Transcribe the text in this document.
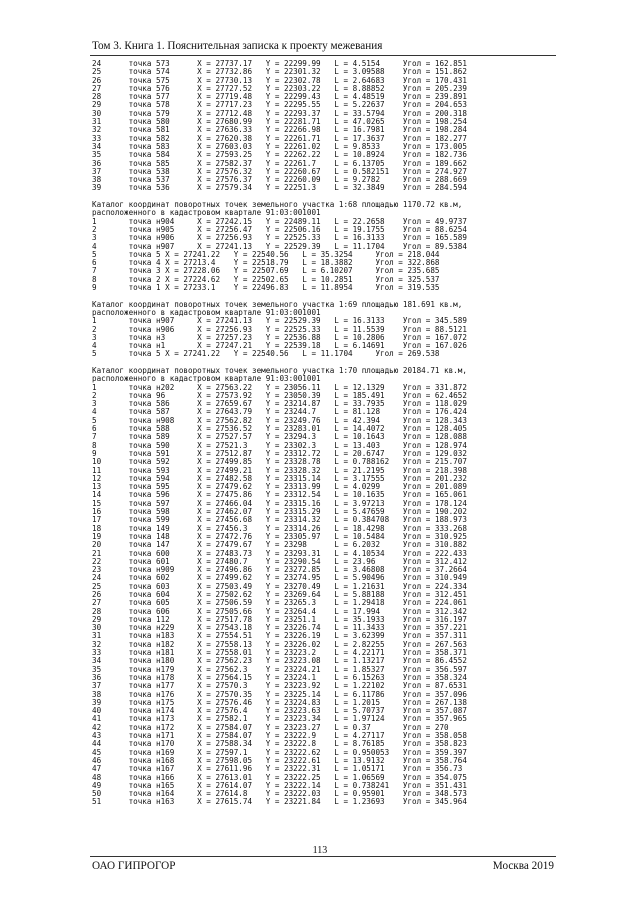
Том 3. Книга 1. Пояснительная записка к проекту межевания
24      точка 573      X = 27737.17   Y = 22299.99   L = 4.5154     Угол = 162.851
25      точка 574      X = 27732.86   Y = 22301.32   L = 3.09588    Угол = 151.862
26      точка 575      X = 27730.13   Y = 22302.78   L = 2.64683    Угол = 170.431
27      точка 576      X = 27727.52   Y = 22303.22   L = 8.88852    Угол = 205.239
28      точка 577      X = 27719.48   Y = 22299.43   L = 4.48519    Угол = 239.891
29      точка 578      X = 27717.23   Y = 22295.55   L = 5.22637    Угол = 204.653
30      точка 579      X = 27712.48   Y = 22293.37   L = 33.5794    Угол = 200.318
31      точка 580      X = 27680.99   Y = 22281.71   L = 47.0265    Угол = 198.254
32      точка 581      X = 27636.33   Y = 22266.98   L = 16.7981    Угол = 198.284
33      точка 582      X = 27620.38   Y = 22261.71   L = 17.3637    Угол = 182.277
34      точка 583      X = 27603.03   Y = 22261.02   L = 9.8533     Угол = 173.005
35      точка 584      X = 27593.25   Y = 22262.22   L = 10.8924    Угол = 182.736
36      точка 585      X = 27582.37   Y = 22261.7    L = 6.13705    Угол = 189.662
37      точка 538      X = 27576.32   Y = 22260.67   L = 0.582151   Угол = 274.927
38      точка 537      X = 27576.37   Y = 22260.09   L = 9.2782     Угол = 288.669
39      точка 536      X = 27579.34   Y = 22251.3    L = 32.3849    Угол = 284.594
Каталог координат поворотных точек земельного участка 1:68 площадью 1170.72 кв.м,
расположенного в кадастровом квартале 91:03:001001
1       точка н904     X = 27242.15   Y = 22489.11   L = 22.2658    Угол = 49.9737
2       точка н905     X = 27256.47   Y = 22506.16   L = 19.1755    Угол = 88.6254
3       точка н906     X = 27256.93   Y = 22525.33   L = 16.3133    Угол = 165.589
4       точка н907     X = 27241.13   Y = 22529.39   L = 11.1704    Угол = 89.5384
5       точка 5 X = 27241.22   Y = 22540.56   L = 35.3254     Угол = 218.044
6       точка 4 X = 27213.4    Y = 22518.79   L = 18.3882     Угол = 322.868
7       точка 3 X = 27228.06   Y = 22507.69   L = 6.10207     Угол = 235.685
8       точка 2 X = 27224.62   Y = 22502.65   L = 10.2851     Угол = 325.537
9       точка 1 X = 27233.1    Y = 22496.83   L = 11.8954     Угол = 319.535
Каталог координат поворотных точек земельного участка 1:69 площадью 181.691 кв.м,
расположенного в кадастровом квартале 91:03:001001
1       точка н907     X = 27241.13   Y = 22529.39   L = 16.3133    Угол = 345.589
2       точка н906     X = 27256.93   Y = 22525.33   L = 11.5539    Угол = 88.5121
3       точка н3       X = 27257.23   Y = 22536.88   L = 10.2806    Угол = 167.072
4       точка н1       X = 27247.21   Y = 22539.18   L = 6.14691    Угол = 167.026
5       точка 5 X = 27241.22   Y = 22540.56   L = 11.1704     Угол = 269.538
Каталог координат поворотных точек земельного участка 1:70 площадью 20184.71 кв.м,
расположенного в кадастровом квартале 91:03:001001
1       точка н202     X = 27563.22   Y = 23056.11   L = 12.1329    Угол = 331.872
2       точка 96       X = 27573.92   Y = 23050.39   L = 185.491    Угол = 62.4652
3       точка 586      X = 27659.67   Y = 23214.87   L = 33.7935    Угол = 118.029
4       точка 587      X = 27643.79   Y = 23244.7    L = 81.128     Угол = 176.424
5       точка н908     X = 27562.82   Y = 23249.76   L = 42.394     Угол = 128.343
6       точка 588      X = 27536.52   Y = 23283.01   L = 14.4072    Угол = 128.405
7       точка 589      X = 27527.57   Y = 23294.3    L = 10.1643    Угол = 128.088
8       точка 590      X = 27521.3    Y = 23302.3    L = 13.403     Угол = 128.974
9       точка 591      X = 27512.87   Y = 23312.72   L = 20.6747    Угол = 129.032
10      точка 592      X = 27499.85   Y = 23328.78   L = 0.788162   Угол = 215.707
11      точка 593      X = 27499.21   Y = 23328.32   L = 21.2195    Угол = 218.398
12      точка 594      X = 27482.58   Y = 23315.14   L = 3.17555    Угол = 201.232
13      точка 595      X = 27479.62   Y = 23313.99   L = 4.0299     Угол = 201.089
14      точка 596      X = 27475.86   Y = 23312.54   L = 10.1635    Угол = 165.061
15      точка 597      X = 27466.04   Y = 23315.16   L = 3.97213    Угол = 178.124
16      точка 598      X = 27462.07   Y = 23315.29   L = 5.47659    Угол = 190.202
17      точка 599      X = 27456.68   Y = 23314.32   L = 0.384708   Угол = 188.973
18      точка 149      X = 27456.3    Y = 23314.26   L = 18.4298    Угол = 333.268
19      точка 148      X = 27472.76   Y = 23305.97   L = 10.5484    Угол = 310.925
20      точка 147      X = 27479.67   Y = 23298      L = 6.2032     Угол = 310.882
21      точка 600      X = 27483.73   Y = 23293.31   L = 4.10534    Угол = 222.433
22      точка 601      X = 27480.7    Y = 23290.54   L = 23.96      Угол = 312.412
23      точка н909     X = 27496.86   Y = 23272.85   L = 3.46808    Угол = 37.2664
24      точка 602      X = 27499.62   Y = 23274.95   L = 5.90496    Угол = 310.949
25      точка 603      X = 27503.49   Y = 23270.49   L = 1.21631    Угол = 224.334
26      точка 604      X = 27502.62   Y = 23269.64   L = 5.88188    Угол = 312.451
27      точка 605      X = 27506.59   Y = 23265.3    L = 1.29418    Угол = 224.061
28      точка 606      X = 27505.66   Y = 23264.4    L = 17.994     Угол = 312.342
29      точка 112      X = 27517.78   Y = 23251.1    L = 35.1933    Угол = 316.197
30      точка н229     X = 27543.18   Y = 23226.74   L = 11.3433    Угол = 357.221
31      точка н183     X = 27554.51   Y = 23226.19   L = 3.62399    Угол = 357.311
32      точка н182     X = 27558.13   Y = 23226.02   L = 2.82255    Угол = 267.563
33      точка н181     X = 27558.01   Y = 23223.2    L = 4.22171    Угол = 358.371
34      точка н180     X = 27562.23   Y = 23223.08   L = 1.13217    Угол = 86.4552
35      точка н179     X = 27562.3    Y = 23224.21   L = 1.85327    Угол = 356.597
36      точка н178     X = 27564.15   Y = 23224.1    L = 6.15263    Угол = 358.324
37      точка н177     X = 27570.3    Y = 23223.92   L = 1.22102    Угол = 87.6531
38      точка н176     X = 27570.35   Y = 23225.14   L = 6.11786    Угол = 357.096
39      точка н175     X = 27576.46   Y = 23224.83   L = 1.2015     Угол = 267.138
40      точка н174     X = 27576.4    Y = 23223.63   L = 5.70737    Угол = 357.087
41      точка н173     X = 27582.1    Y = 23223.34   L = 1.97124    Угол = 357.965
42      точка н172     X = 27584.07   Y = 23223.27   L = 0.37       Угол = 270
43      точка н171     X = 27584.07   Y = 23222.9    L = 4.27117    Угол = 358.058
44      точка н170     X = 27588.34   Y = 23222.8    L = 8.76185    Угол = 358.823
45      точка н169     X = 27597.1    Y = 23222.62   L = 0.950053   Угол = 359.397
46      точка н168     X = 27598.05   Y = 23222.61   L = 13.9132    Угол = 358.764
47      точка н167     X = 27611.96   Y = 23222.31   L = 1.05171    Угол = 356.73
48      точка н166     X = 27613.01   Y = 23222.25   L = 1.06569    Угол = 354.075
49      точка н165     X = 27614.07   Y = 23222.14   L = 0.738241   Угол = 351.431
50      точка н164     X = 27614.8    Y = 23222.03   L = 0.95901    Угол = 348.573
51      точка н163     X = 27615.74   Y = 23221.84   L = 1.23693    Угол = 345.964
113
ОАО ГИПРОГОР	Москва 2019
